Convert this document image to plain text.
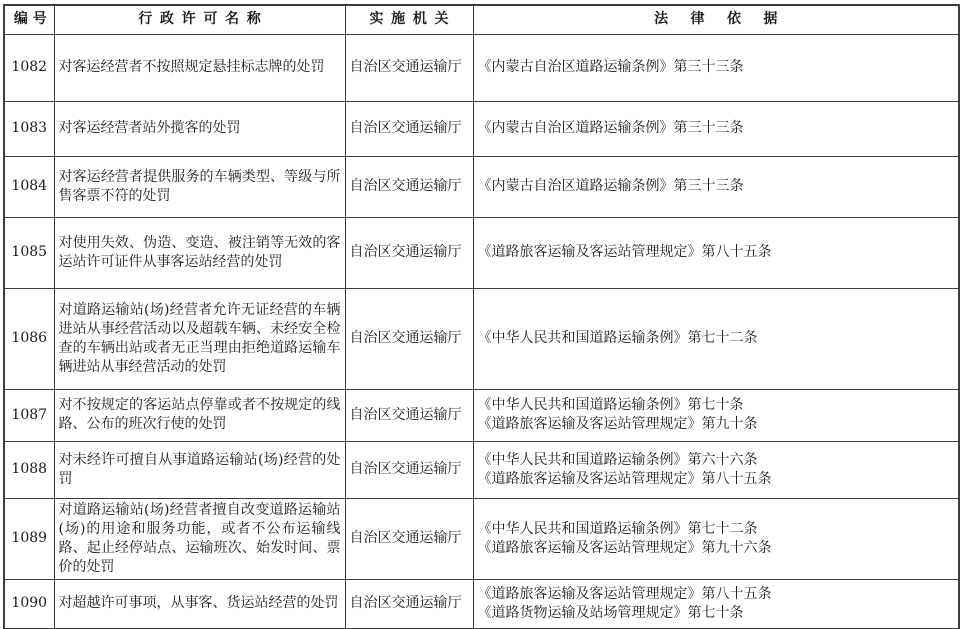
编号	行政许可名称	实施机关	法律依据
1082	对客运经营者不按照规定悬挂标志牌的处罚	自治区交通运输厅	《内蒙古自治区道路运输条例》第三十三条

1083	对客运经营者站外揽客的处罚	自治区交通运输厅	《内蒙古自治区道路运输条例》第三十三条

1084	对客运经营者提供服务的车辆类型、等级与所售客票不符的处罚	自治区交通运输厅	《内蒙古自治区道路运输条例》第三十三条

1085	对使用失效、伪造、变造、被注销等无效的客运站许可证件从事客运站经营的处罚	自治区交通运输厅	《道路旅客运输及客运站管理规定》第八十五条

1086	对道路运输站(场)经营者允许无证经营的车辆进站从事经营活动以及超载车辆、未经安全检查的车辆出站或者无正当理由拒绝道路运输车辆进站从事经营活动的处罚	自治区交通运输厅	《中华人民共和国道路运输条例》第七十二条

1087	对不按规定的客运站点停靠或者不按规定的线路、公布的班次行使的处罚	自治区交通运输厅	《中华人民共和国道路运输条例》第七十条
《道路旅客运输及客运站管理规定》第九十条

1088	对未经许可擅自从事道路运输站(场)经营的处罚	自治区交通运输厅	《中华人民共和国道路运输条例》第六十六条
《道路旅客运输及客运站管理规定》第八十五条

1089	对道路运输站(场)经营者擅自改变道路运输站(场)的用途和服务功能，或者不公布运输线路、起止经停站点、运输班次、始发时间、票价的处罚	自治区交通运输厅	《中华人民共和国道路运输条例》第七十二条
《道路旅客运输及客运站管理规定》第九十六条

1090	对超越许可事项，从事客、货运站经营的处罚	自治区交通运输厅	《道路旅客运输及客运站管理规定》第八十五条
《道路货物运输及站场管理规定》第七十条
